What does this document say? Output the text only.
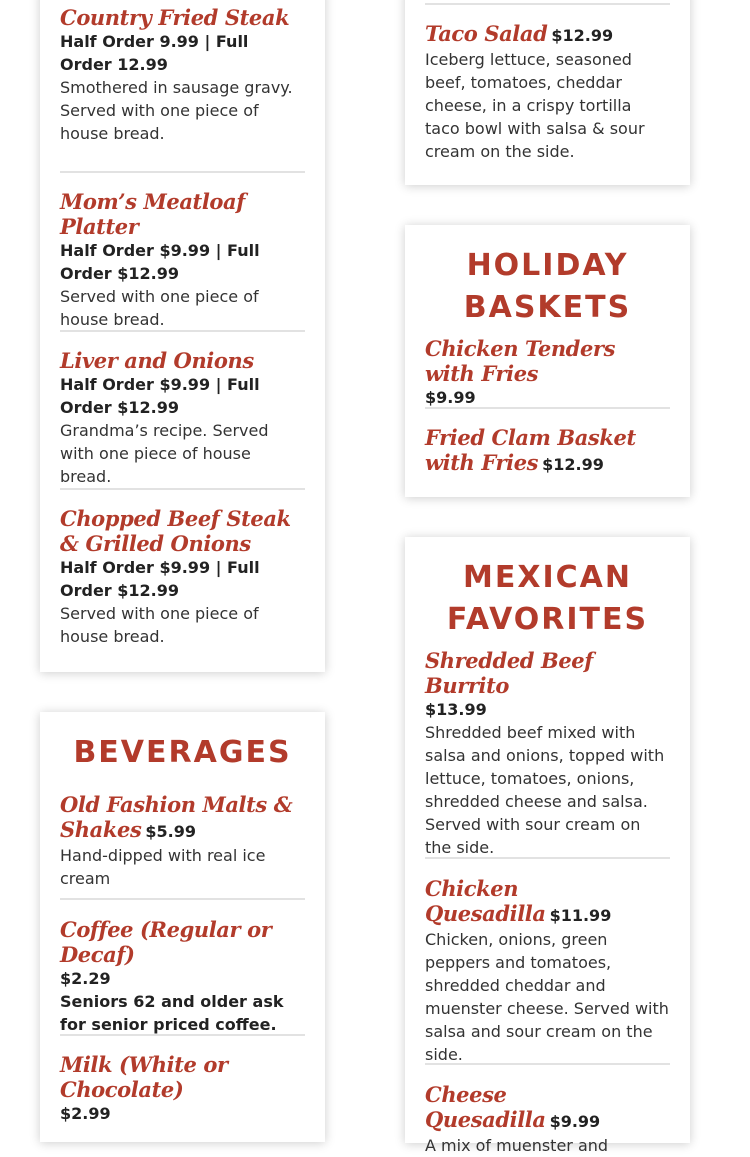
Country Fried Steak
Half Order 9.99 | Full Order 12.99
Smothered in sausage gravy. Served with one piece of house bread.
Mom’s Meatloaf Platter
Half Order $9.99 | Full Order $12.99
Served with one piece of house bread.
Liver and Onions
Half Order $9.99 | Full Order $12.99
Grandma’s recipe. Served with one piece of house bread.
Chopped Beef Steak & Grilled Onions
Half Order $9.99 | Full Order $12.99
Served with one piece of house bread.
BEVERAGES
Old Fashion Malts & Shakes $5.99
Hand-dipped with real ice cream
Coffee (Regular or Decaf)
$2.29
Seniors 62 and older ask for senior priced coffee.
Milk (White or Chocolate)
$2.99
Taco Salad $12.99
Iceberg lettuce, seasoned beef, tomatoes, cheddar cheese, in a crispy tortilla taco bowl with salsa & sour cream on the side.
HOLIDAY
BASKETS
Chicken Tenders with Fries
$9.99
Fried Clam Basket with Fries $12.99
MEXICAN
FAVORITES
Shredded Beef Burrito
$13.99
Shredded beef mixed with salsa and onions, topped with lettuce, tomatoes, onions, shredded cheese and salsa. Served with sour cream on the side.
Chicken Quesadilla $11.99
Chicken, onions, green peppers and tomatoes, shredded cheddar and muenster cheese. Served with salsa and sour cream on the side.
Cheese Quesadilla $9.99
A mix of muenster and
